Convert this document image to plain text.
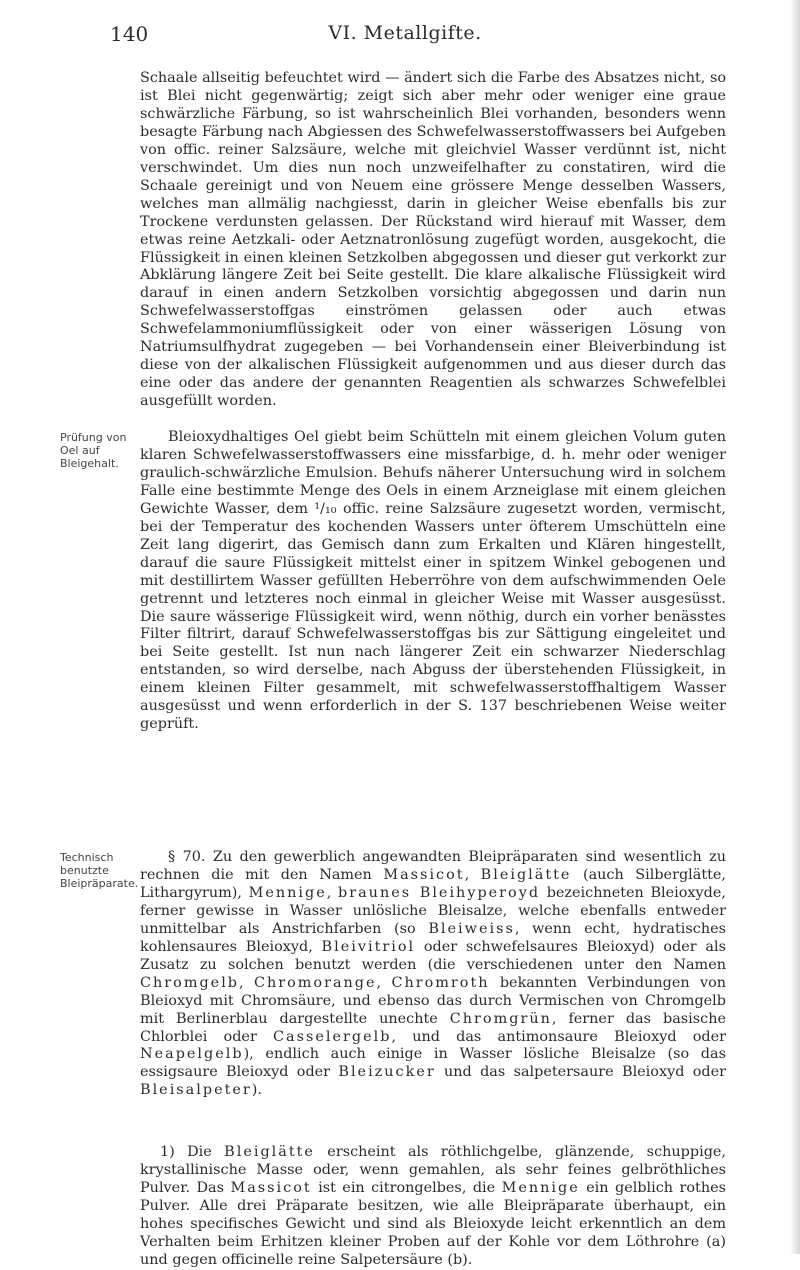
140	VI. Metallgifte.

Schaale allseitig befeuchtet wird — ändert sich die Farbe des Absatzes nicht, so ist Blei nicht gegenwärtig; zeigt sich aber mehr oder weniger eine graue schwärzliche Färbung, so ist wahrscheinlich Blei vorhanden, besonders wenn besagte Färbung nach Abgiessen des Schwefelwasserstoffwassers bei Aufgeben von offic. reiner Salzsäure, welche mit gleichviel Wasser verdünnt ist, nicht verschwindet. Um dies nun noch unzweifelhafter zu constatiren, wird die Schaale gereinigt und von Neuem eine grössere Menge desselben Wassers, welches man allmälig nachgiesst, darin in gleicher Weise ebenfalls bis zur Trockene verdunsten gelassen. Der Rückstand wird hierauf mit Wasser, dem etwas reine Aetzkali- oder Aetznatronlösung zugefügt worden, ausgekocht, die Flüssigkeit in einen kleinen Setzkolben abgegossen und dieser gut verkorkt zur Abklärung längere Zeit bei Seite gestellt. Die klare alkalische Flüssigkeit wird darauf in einen andern Setzkolben vorsichtig abgegossen und darin nun Schwefelwasserstoffgas einströmen gelassen oder auch etwas Schwefelammoniumflüssigkeit oder von einer wässerigen Lösung von Natriumsulfhydrat zugegeben — bei Vorhandensein einer Bleiverbindung ist diese von der alkalischen Flüssigkeit aufgenommen und aus dieser durch das eine oder das andere der genannten Reagentien als schwarzes Schwefelblei ausgefüllt worden.

Prüfung von Oel auf Bleigehalt.

Bleioxydhaltiges Oel giebt beim Schütteln mit einem gleichen Volum guten klaren Schwefelwasserstoffwassers eine missfarbige, d. h. mehr oder weniger graulich-schwärzliche Emulsion. Behufs näherer Untersuchung wird in solchem Falle eine bestimmte Menge des Oels in einem Arzneiglase mit einem gleichen Gewichte Wasser, dem ¹/₁₀ offic. reine Salzsäure zugesetzt worden, vermischt, bei der Temperatur des kochenden Wassers unter öfterem Umschütteln eine Zeit lang digerirt, das Gemisch dann zum Erkalten und Klären hingestellt, darauf die saure Flüssigkeit mittelst einer in spitzem Winkel gebogenen und mit destillirtem Wasser gefüllten Heberröhre von dem aufschwimmenden Oele getrennt und letzteres noch einmal in gleicher Weise mit Wasser ausgesüsst. Die saure wässerige Flüssigkeit wird, wenn nöthig, durch ein vorher benässtes Filter filtrirt, darauf Schwefelwasserstoffgas bis zur Sättigung eingeleitet und bei Seite gestellt. Ist nun nach längerer Zeit ein schwarzer Niederschlag entstanden, so wird derselbe, nach Abguss der überstehenden Flüssigkeit, in einem kleinen Filter gesammelt, mit schwefelwasserstoffhaltigem Wasser ausgesüsst und wenn erforderlich in der S. 137 beschriebenen Weise weiter geprüft.

Technisch benutzte Bleipräparate.

§ 70. Zu den gewerblich angewandten Bleipräparaten sind wesentlich zu rechnen die mit den Namen Massicot, Bleiglätte (auch Silberglätte, Lithargyrum), Mennige, braunes Bleihyperoyd bezeichneten Bleioxyde, ferner gewisse in Wasser unlösliche Bleisalze, welche ebenfalls entweder unmittelbar als Anstrichfarben (so Bleiweiss, wenn echt, hydratisches kohlensaures Bleioxyd, Bleivitriol oder schwefelsaures Bleioxyd) oder als Zusatz zu solchen benutzt werden (die verschiedenen unter den Namen Chromgelb, Chromorange, Chromroth bekannten Verbindungen von Bleioxyd mit Chromsäure, und ebenso das durch Vermischen von Chromgelb mit Berlinerblau dargestellte unechte Chromgrün, ferner das basische Chlorblei oder Casselergelb, und das antimonsaure Bleioxyd oder Neapelgelb), endlich auch einige in Wasser lösliche Bleisalze (so das essigsaure Bleioxyd oder Bleizucker und das salpetersaure Bleioxyd oder Bleisalpeter).

1) Die Bleiglätte erscheint als röthlichgelbe, glänzende, schuppige, krystallinische Masse oder, wenn gemahlen, als sehr feines gelbröthliches Pulver. Das Massicot ist ein citrongelbes, die Mennige ein gelblich rothes Pulver. Alle drei Präparate besitzen, wie alle Bleipräparate überhaupt, ein hohes specifisches Gewicht und sind als Bleioxyde leicht erkenntlich an dem Verhalten beim Erhitzen kleiner Proben auf der Kohle vor dem Löthrohre (a) und gegen officinelle reine Salpetersäure (b).
